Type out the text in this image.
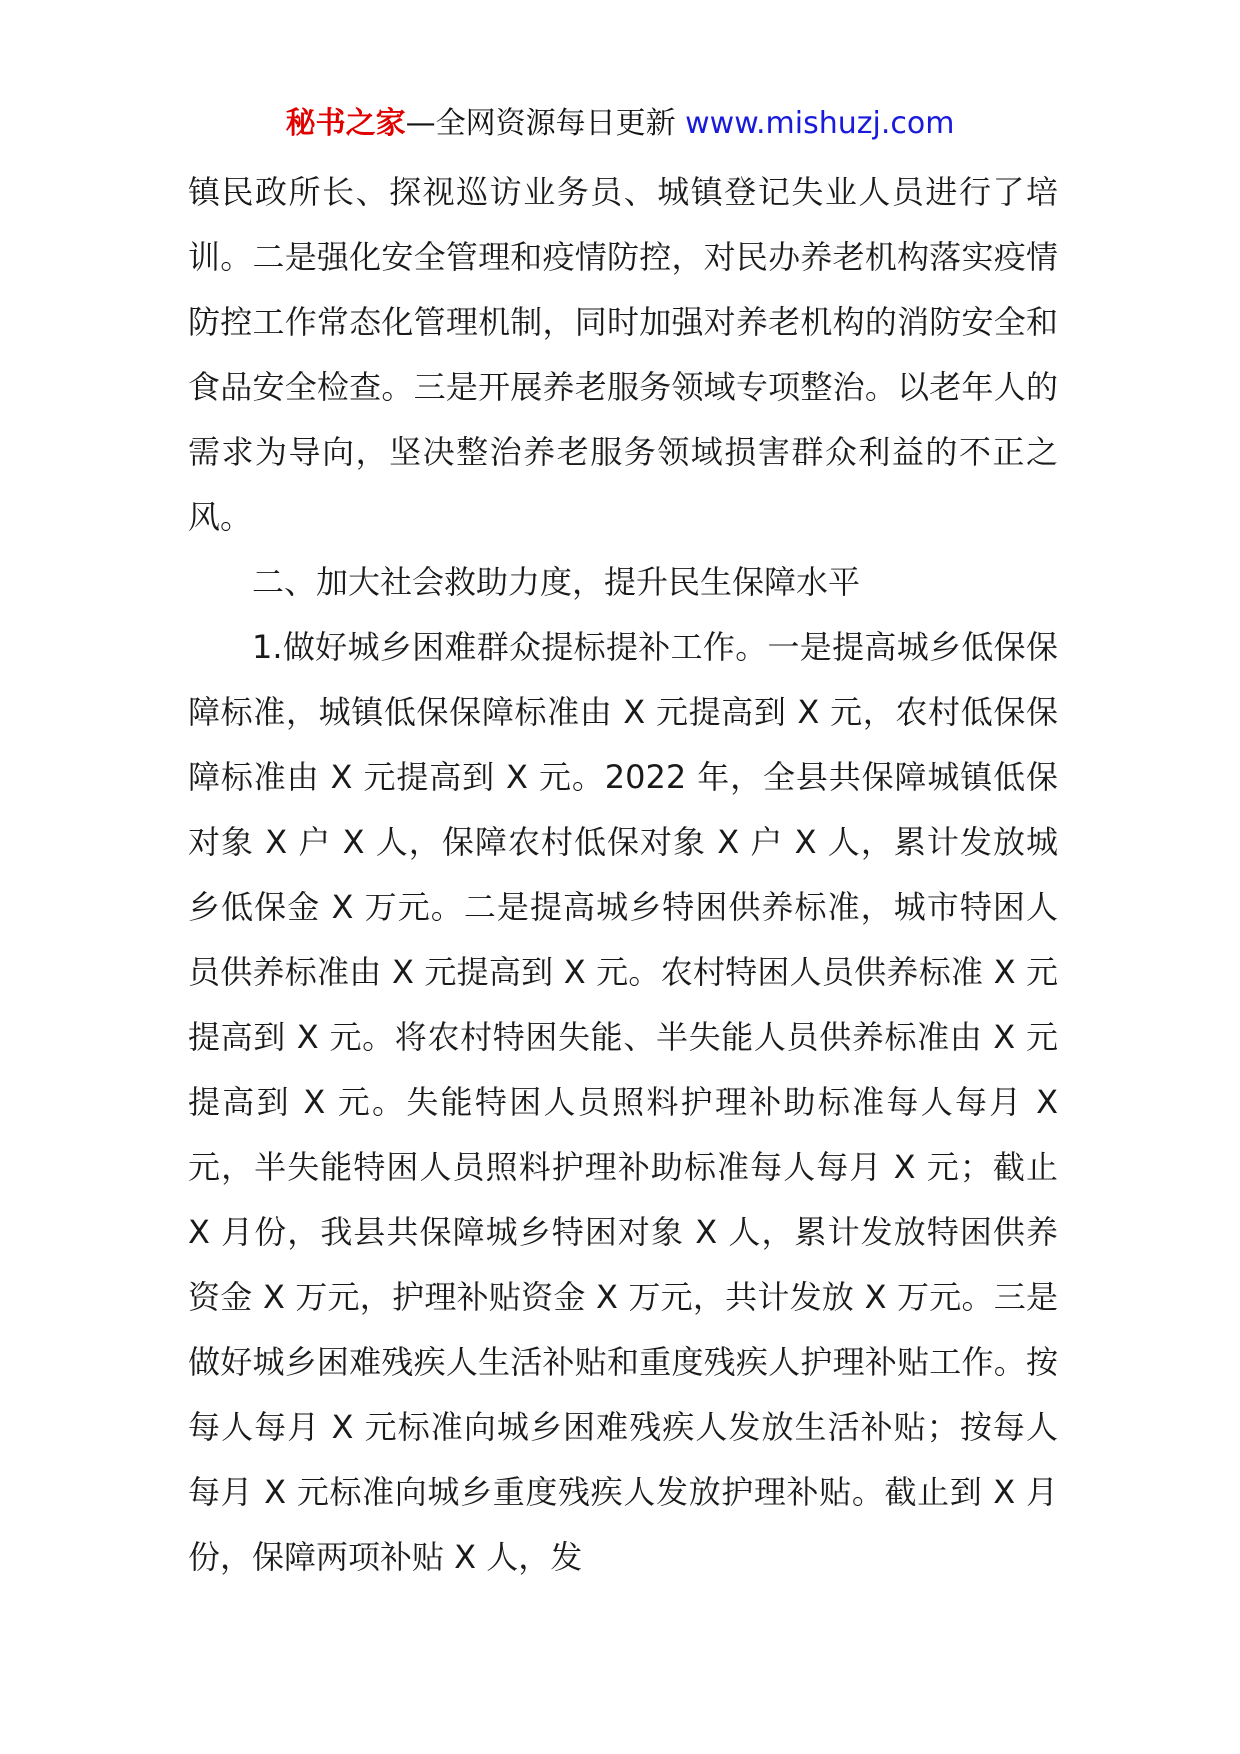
秘书之家—全网资源每日更新 www.mishuzj.com

镇民政所长、探视巡访业务员、城镇登记失业人员进行了培训。二是强化安全管理和疫情防控，对民办养老机构落实疫情防控工作常态化管理机制，同时加强对养老机构的消防安全和食品安全检查。三是开展养老服务领域专项整治。以老年人的需求为导向，坚决整治养老服务领域损害群众利益的不正之风。

二、加大社会救助力度，提升民生保障水平

1.做好城乡困难群众提标提补工作。一是提高城乡低保保障标准，城镇低保保障标准由 X 元提高到 X 元，农村低保保障标准由 X 元提高到 X 元。2022 年，全县共保障城镇低保对象 X 户 X 人，保障农村低保对象 X 户 X 人，累计发放城乡低保金 X 万元。二是提高城乡特困供养标准，城市特困人员供养标准由 X 元提高到 X 元。农村特困人员供养标准 X 元提高到 X 元。将农村特困失能、半失能人员供养标准由 X 元提高到 X 元。失能特困人员照料护理补助标准每人每月 X 元，半失能特困人员照料护理补助标准每人每月 X 元；截止 X 月份，我县共保障城乡特困对象 X 人，累计发放特困供养资金 X 万元，护理补贴资金 X 万元，共计发放 X 万元。三是做好城乡困难残疾人生活补贴和重度残疾人护理补贴工作。按每人每月 X 元标准向城乡困难残疾人发放生活补贴；按每人每月 X 元标准向城乡重度残疾人发放护理补贴。截止到 X 月份，保障两项补贴 X 人，发
